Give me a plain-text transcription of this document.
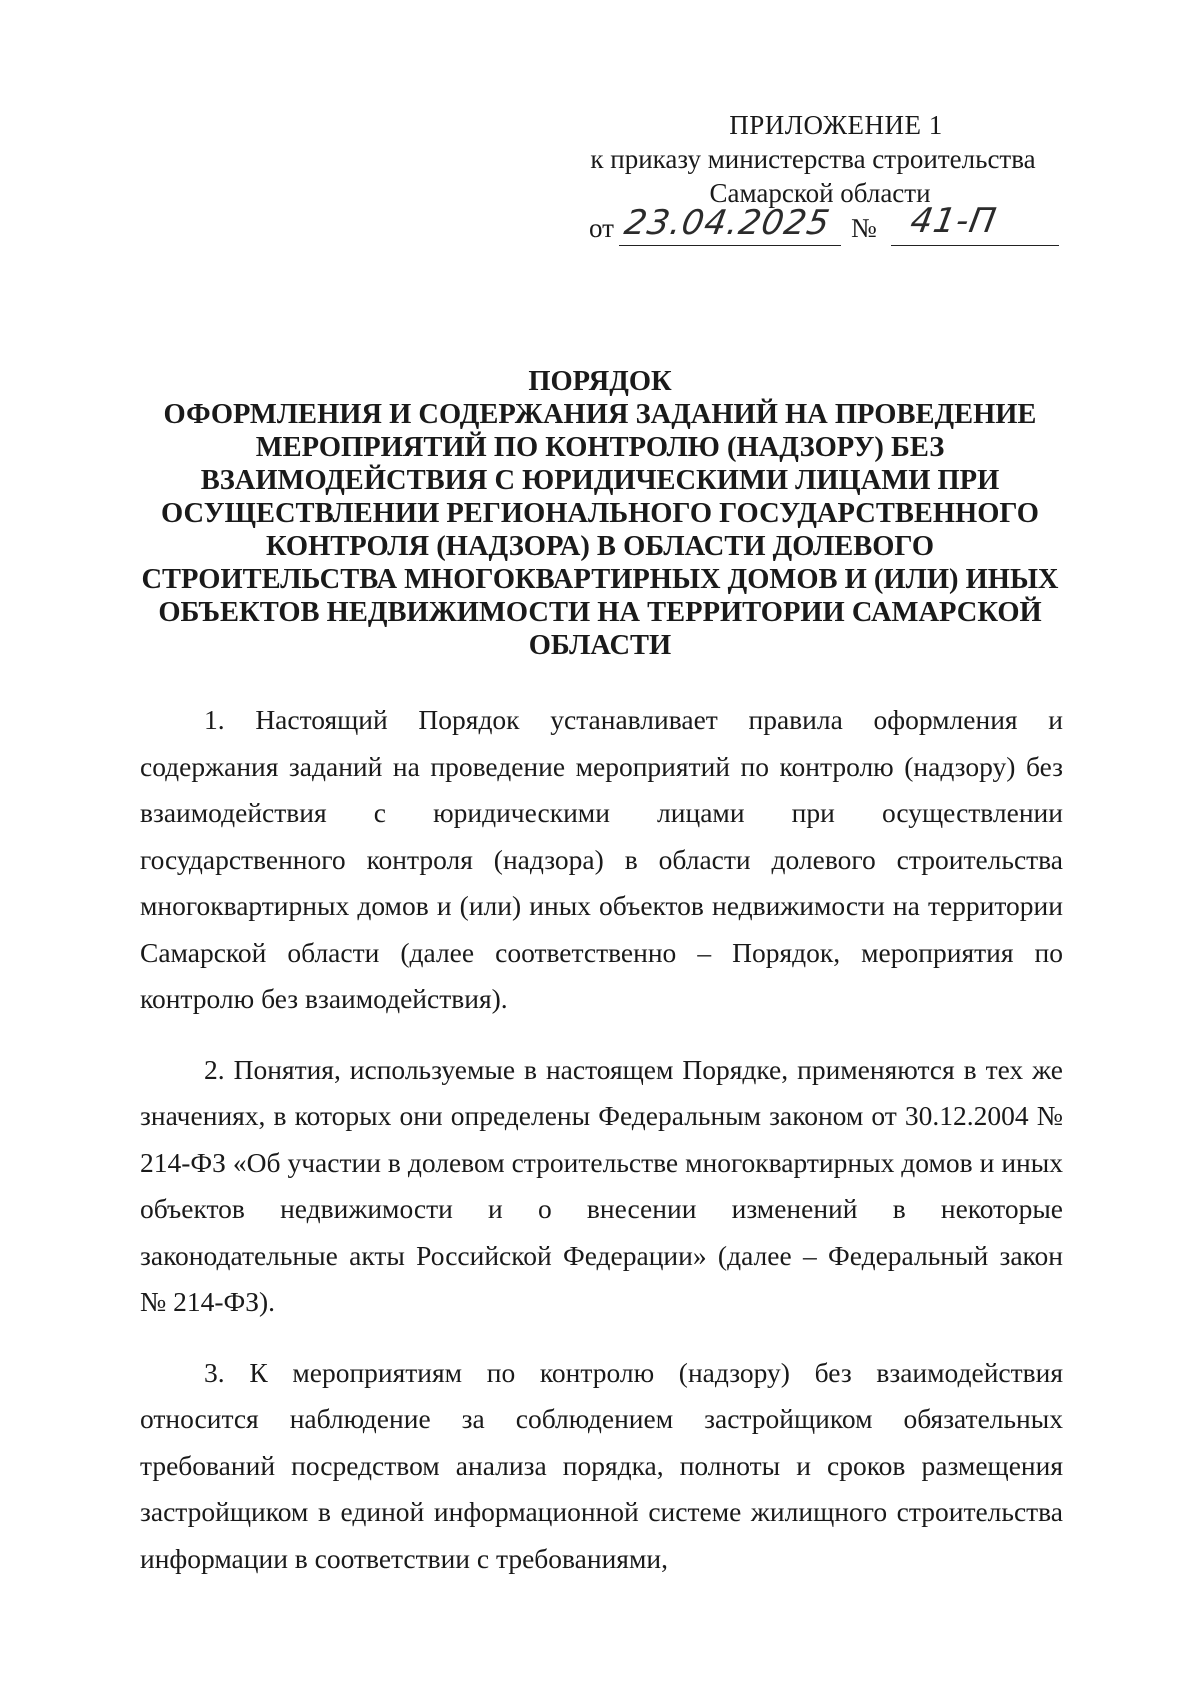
ПРИЛОЖЕНИЕ 1
к приказу министерства строительства
Самарской области
от 23.04.2025 № 41-П
ПОРЯДОК
ОФОРМЛЕНИЯ И СОДЕРЖАНИЯ ЗАДАНИЙ НА ПРОВЕДЕНИЕ
МЕРОПРИЯТИЙ ПО КОНТРОЛЮ (НАДЗОРУ) БЕЗ
ВЗАИМОДЕЙСТВИЯ С ЮРИДИЧЕСКИМИ ЛИЦАМИ ПРИ
ОСУЩЕСТВЛЕНИИ РЕГИОНАЛЬНОГО ГОСУДАРСТВЕННОГО
КОНТРОЛЯ (НАДЗОРА) В ОБЛАСТИ ДОЛЕВОГО
СТРОИТЕЛЬСТВА МНОГОКВАРТИРНЫХ ДОМОВ И (ИЛИ) ИНЫХ
ОБЪЕКТОВ НЕДВИЖИМОСТИ НА ТЕРРИТОРИИ САМАРСКОЙ
ОБЛАСТИ

1. Настоящий Порядок устанавливает правила оформления и содержания заданий на проведение мероприятий по контролю (надзору) без взаимодействия с юридическими лицами при осуществлении государственного контроля (надзора) в области долевого строительства многоквартирных домов и (или) иных объектов недвижимости на территории Самарской области (далее соответственно – Порядок, мероприятия по контролю без взаимодействия).

2. Понятия, используемые в настоящем Порядке, применяются в тех же значениях, в которых они определены Федеральным законом от 30.12.2004 № 214-ФЗ «Об участии в долевом строительстве многоквартирных домов и иных объектов недвижимости и о внесении изменений в некоторые законодательные акты Российской Федерации» (далее – Федеральный закон № 214-ФЗ).

3. К мероприятиям по контролю (надзору) без взаимодействия относится наблюдение за соблюдением застройщиком обязательных требований посредством анализа порядка, полноты и сроков размещения застройщиком в единой информационной системе жилищного строительства информации в соответствии с требованиями,
